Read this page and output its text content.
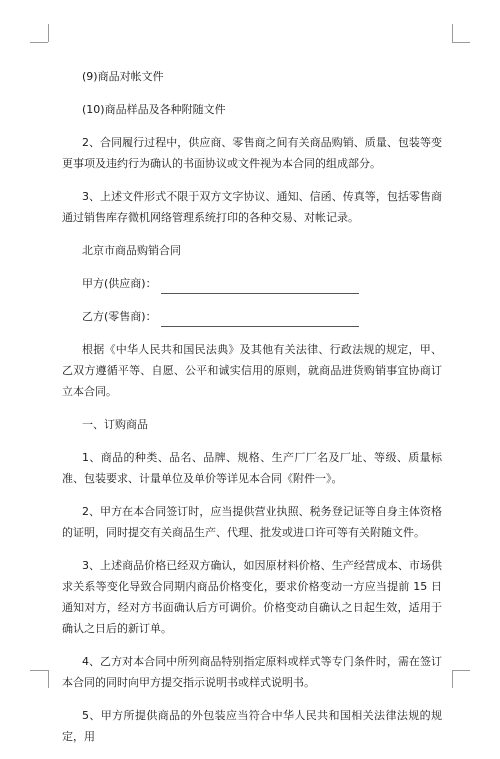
(9)商品对帐文件

(10)商品样品及各种附随文件

2、合同履行过程中，供应商、零售商之间有关商品购销、质量、包装等变更事项及违约行为确认的书面协议或文件视为本合同的组成部分。

3、上述文件形式不限于双方文字协议、通知、信函、传真等，包括零售商通过销售库存微机网络管理系统打印的各种交易、对帐记录。

北京市商品购销合同

甲方(供应商)：
乙方(零售商)：

根据《中华人民共和国民法典》及其他有关法律、行政法规的规定，甲、乙双方遵循平等、自愿、公平和诚实信用的原则，就商品进货购销事宜协商订立本合同。

一、订购商品

1、商品的种类、品名、品牌、规格、生产厂厂名及厂址、等级、质量标准、包装要求、计量单位及单价等详见本合同《附件一》。

2、甲方在本合同签订时，应当提供营业执照、税务登记证等自身主体资格的证明，同时提交有关商品生产、代理、批发或进口许可等有关附随文件。

3、上述商品价格已经双方确认，如因原材料价格、生产经营成本、市场供求关系等变化导致合同期内商品价格变化，要求价格变动一方应当提前 15 日通知对方，经对方书面确认后方可调价。价格变动自确认之日起生效，适用于确认之日后的新订单。

4、乙方对本合同中所列商品特别指定原料或样式等专门条件时，需在签订本合同的同时向甲方提交指示说明书或样式说明书。

5、甲方所提供商品的外包装应当符合中华人民共和国相关法律法规的规定，用
